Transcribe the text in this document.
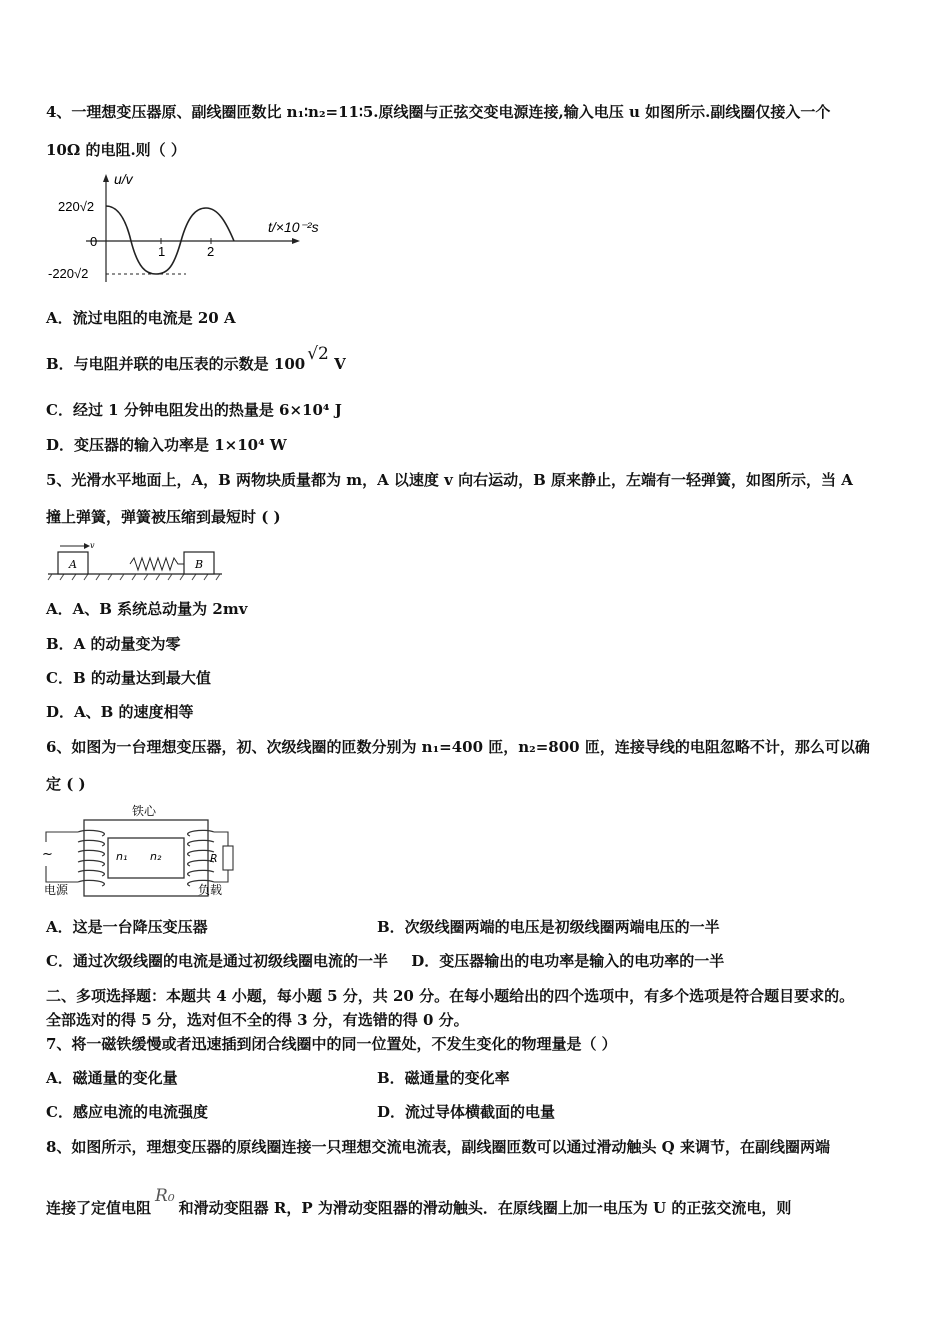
4、一理想变压器原、副线圈匝数比 n₁∶n₂=11∶5.原线圈与正弦交变电源连接,输入电压 u 如图所示.副线圈仅接入一个
10Ω 的电阻.则（ ）
u/v
t/×10⁻²s
220√2
0
-220√2
1	2
A．流过电阻的电流是 20 A
B．与电阻并联的电压表的示数是 100 √2 V
C．经过 1 分钟电阻发出的热量是 6×10⁴ J
D．变压器的输入功率是 1×10⁴ W
5、光滑水平地面上，A，B 两物块质量都为 m，A 以速度 v 向右运动，B 原来静止，左端有一轻弹簧，如图所示，当 A
撞上弹簧，弹簧被压缩到最短时 ( )
A
v
B
A．A、B 系统总动量为 2mv
B．A 的动量变为零
C．B 的动量达到最大值
D．A、B 的速度相等
6、如图为一台理想变压器，初、次级线圈的匝数分别为 n₁=400 匝，n₂=800 匝，连接导线的电阻忽略不计，那么可以确
定 ( )
铁心
n₁ n₂
~
电源
R
负载
A．这是一台降压变压器	B．次级线圈两端的电压是初级线圈两端电压的一半
C．通过次级线圈的电流是通过初级线圈电流的一半 D．变压器输出的电功率是输入的电功率的一半
二、多项选择题：本题共 4 小题，每小题 5 分，共 20 分。在每小题给出的四个选项中，有多个选项是符合题目要求的。
全部选对的得 5 分，选对但不全的得 3 分，有选错的得 0 分。
7、将一磁铁缓慢或者迅速插到闭合线圈中的同一位置处，不发生变化的物理量是（ ）
A．磁通量的变化量	B．磁通量的变化率
C．感应电流的电流强度	D．流过导体横截面的电量
8、如图所示，理想变压器的原线圈连接一只理想交流电流表，副线圈匝数可以通过滑动触头 Q 来调节，在副线圈两端
连接了定值电阻R₀和滑动变阻器 R，P 为滑动变阻器的滑动触头．在原线圈上加一电压为 U 的正弦交流电，则
